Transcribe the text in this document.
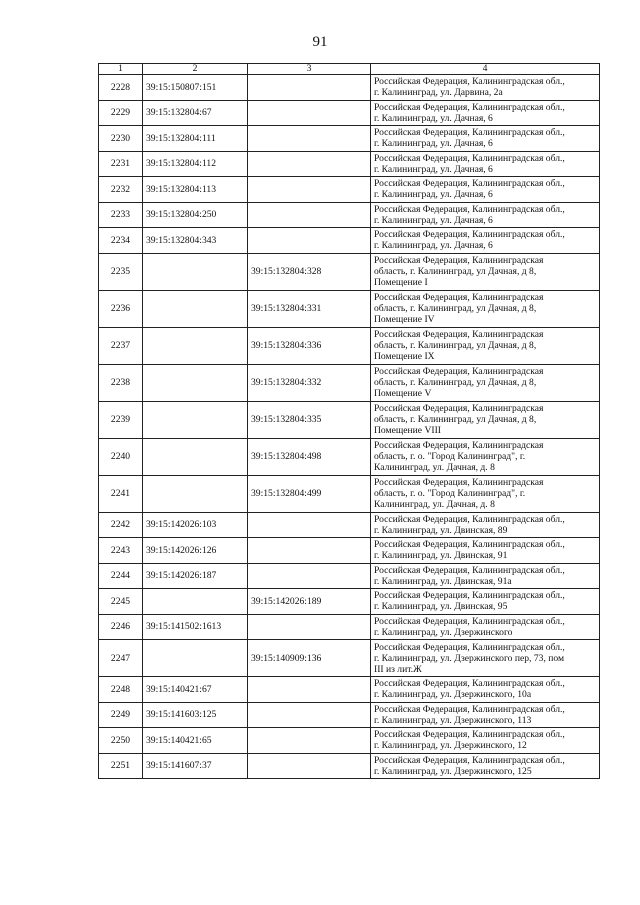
91
1	2	3	4
2228	39:15:150807:151		Российская Федерация, Калининградская обл.,
г. Калининград, ул. Дарвина, 2а

2229	39:15:132804:67		Российская Федерация, Калининградская обл.,
г. Калининград, ул. Дачная, 6

2230	39:15:132804:111		Российская Федерация, Калининградская обл.,
г. Калининград, ул. Дачная, 6

2231	39:15:132804:112		Российская Федерация, Калининградская обл.,
г. Калининград, ул. Дачная, 6

2232	39:15:132804:113		Российская Федерация, Калининградская обл.,
г. Калининград, ул. Дачная, 6

2233	39:15:132804:250		Российская Федерация, Калининградская обл.,
г. Калининград, ул. Дачная, 6

2234	39:15:132804:343		Российская Федерация, Калининградская обл.,
г. Калининград, ул. Дачная, 6

2235		39:15:132804:328	Российская Федерация, Калининградская
область, г. Калининград, ул Дачная, д 8,
Помещение I

2236		39:15:132804:331	Российская Федерация, Калининградская
область, г. Калининград, ул Дачная, д 8,
Помещение IV

2237		39:15:132804:336	Российская Федерация, Калининградская
область, г. Калининград, ул Дачная, д 8,
Помещение IX

2238		39:15:132804:332	Российская Федерация, Калининградская
область, г. Калининград, ул Дачная, д 8,
Помещение V

2239		39:15:132804:335	Российская Федерация, Калининградская
область, г. Калининград, ул Дачная, д 8,
Помещение VIII

2240		39:15:132804:498	Российская Федерация, Калининградская
область, г. о. "Город Калининград", г.
Калининград, ул. Дачная, д. 8

2241		39:15:132804:499	Российская Федерация, Калининградская
область, г. о. "Город Калининград", г.
Калининград, ул. Дачная, д. 8

2242	39:15:142026:103		Российская Федерация, Калининградская обл.,
г. Калининград, ул. Двинская, 89

2243	39:15:142026:126		Российская Федерация, Калининградская обл.,
г. Калининград, ул. Двинская, 91

2244	39:15:142026:187		Российская Федерация, Калининградская обл.,
г. Калининград, ул. Двинская, 91а

2245		39:15:142026:189	Российская Федерация, Калининградская обл.,
г. Калининград, ул. Двинская, 95

2246	39:15:141502:1613		Российская Федерация, Калининградская обл.,
г. Калининград, ул. Дзержинского

2247		39:15:140909:136	Российская Федерация, Калининградская обл.,
г. Калининград, ул. Дзержинского пер, 73, пом
III из лит.Ж

2248	39:15:140421:67		Российская Федерация, Калининградская обл.,
г. Калининград, ул. Дзержинского, 10а

2249	39:15:141603:125		Российская Федерация, Калининградская обл.,
г. Калининград, ул. Дзержинского, 113

2250	39:15:140421:65		Российская Федерация, Калининградская обл.,
г. Калининград, ул. Дзержинского, 12

2251	39:15:141607:37		Российская Федерация, Калининградская обл.,
г. Калининград, ул. Дзержинского, 125
